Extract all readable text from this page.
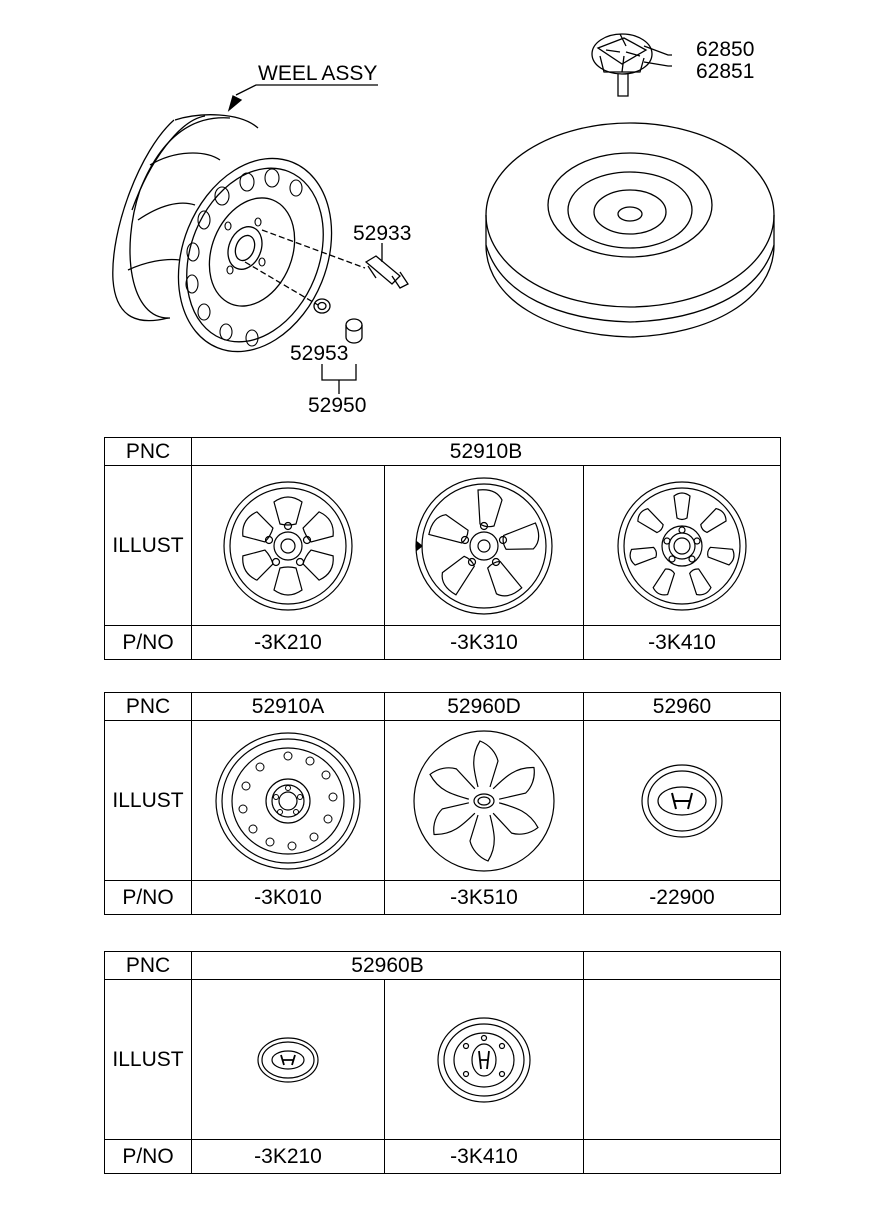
WEEL ASSY
62850
62851
52933
52953
52950
PNC	52910B		
ILLUST	

P/NO	-3K210	-3K310	-3K410
PNC	52910A	52960D	52960
ILLUST	

P/NO	-3K010	-3K510	-22900
PNC	52960B		
ILLUST	

P/NO	-3K210	-3K410	
